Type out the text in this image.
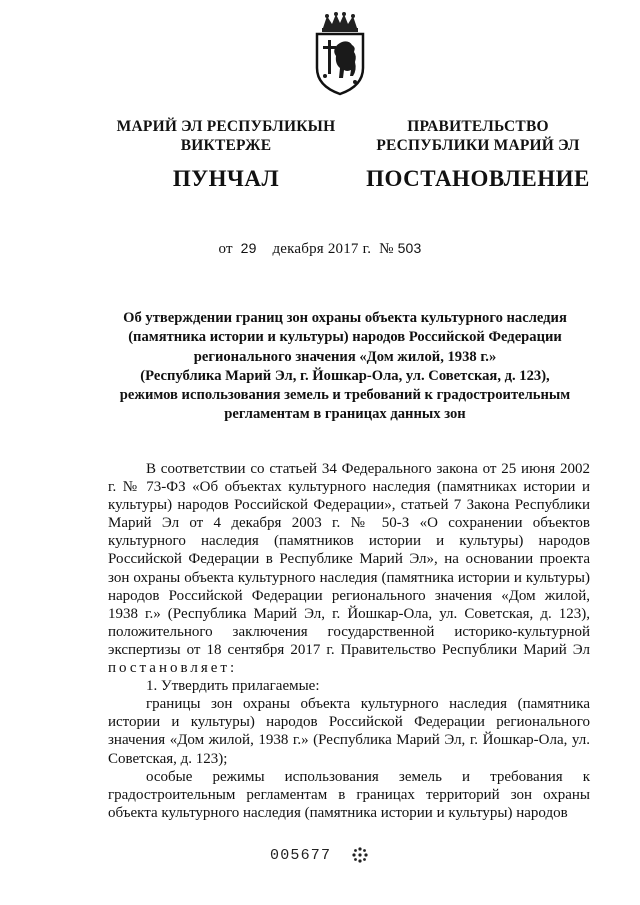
МАРИЙ ЭЛ РЕСПУБЛИКЫН
ВИКТЕРЖЕ
ПУНЧАЛ
ПРАВИТЕЛЬСТВО
РЕСПУБЛИКИ МАРИЙ ЭЛ
ПОСТАНОВЛЕНИЕ
от 29 декабря 2017 г. № 503
Об утверждении границ зон охраны объекта культурного наследия
(памятника истории и культуры) народов Российской Федерации
регионального значения «Дом жилой, 1938 г.»
(Республика Марий Эл, г. Йошкар-Ола, ул. Советская, д. 123),
режимов использования земель и требований к градостроительным
регламентам в границах данных зон

В соответствии со статьей 34 Федерального закона от 25 июня 2002 г. № 73-ФЗ «Об объектах культурного наследия (памятниках истории и культуры) народов Российской Федерации», статьей 7 Закона Республики Марий Эл от 4 декабря 2003 г. № 50-З «О сохранении объектов культурного наследия (памятников истории и культуры) народов Российской Федерации в Республике Марий Эл», на основании проекта зон охраны объекта культурного наследия (памятника истории и культуры) народов Российской Федерации регионального значения «Дом жилой, 1938 г.» (Республика Марий Эл, г. Йошкар-Ола, ул. Советская, д. 123), положительного заключения государственной историко-культурной экспертизы от 18 сентября 2017 г. Правительство Республики Марий Эл постановляет:

1. Утвердить прилагаемые:

границы зон охраны объекта культурного наследия (памятника истории и культуры) народов Российской Федерации регионального значения «Дом жилой, 1938 г.» (Республика Марий Эл, г. Йошкар-Ола, ул. Советская, д. 123);

особые режимы использования земель и требования к градостроительным регламентам в границах территорий зон охраны объекта культурного наследия (памятника истории и культуры) народов

005677
